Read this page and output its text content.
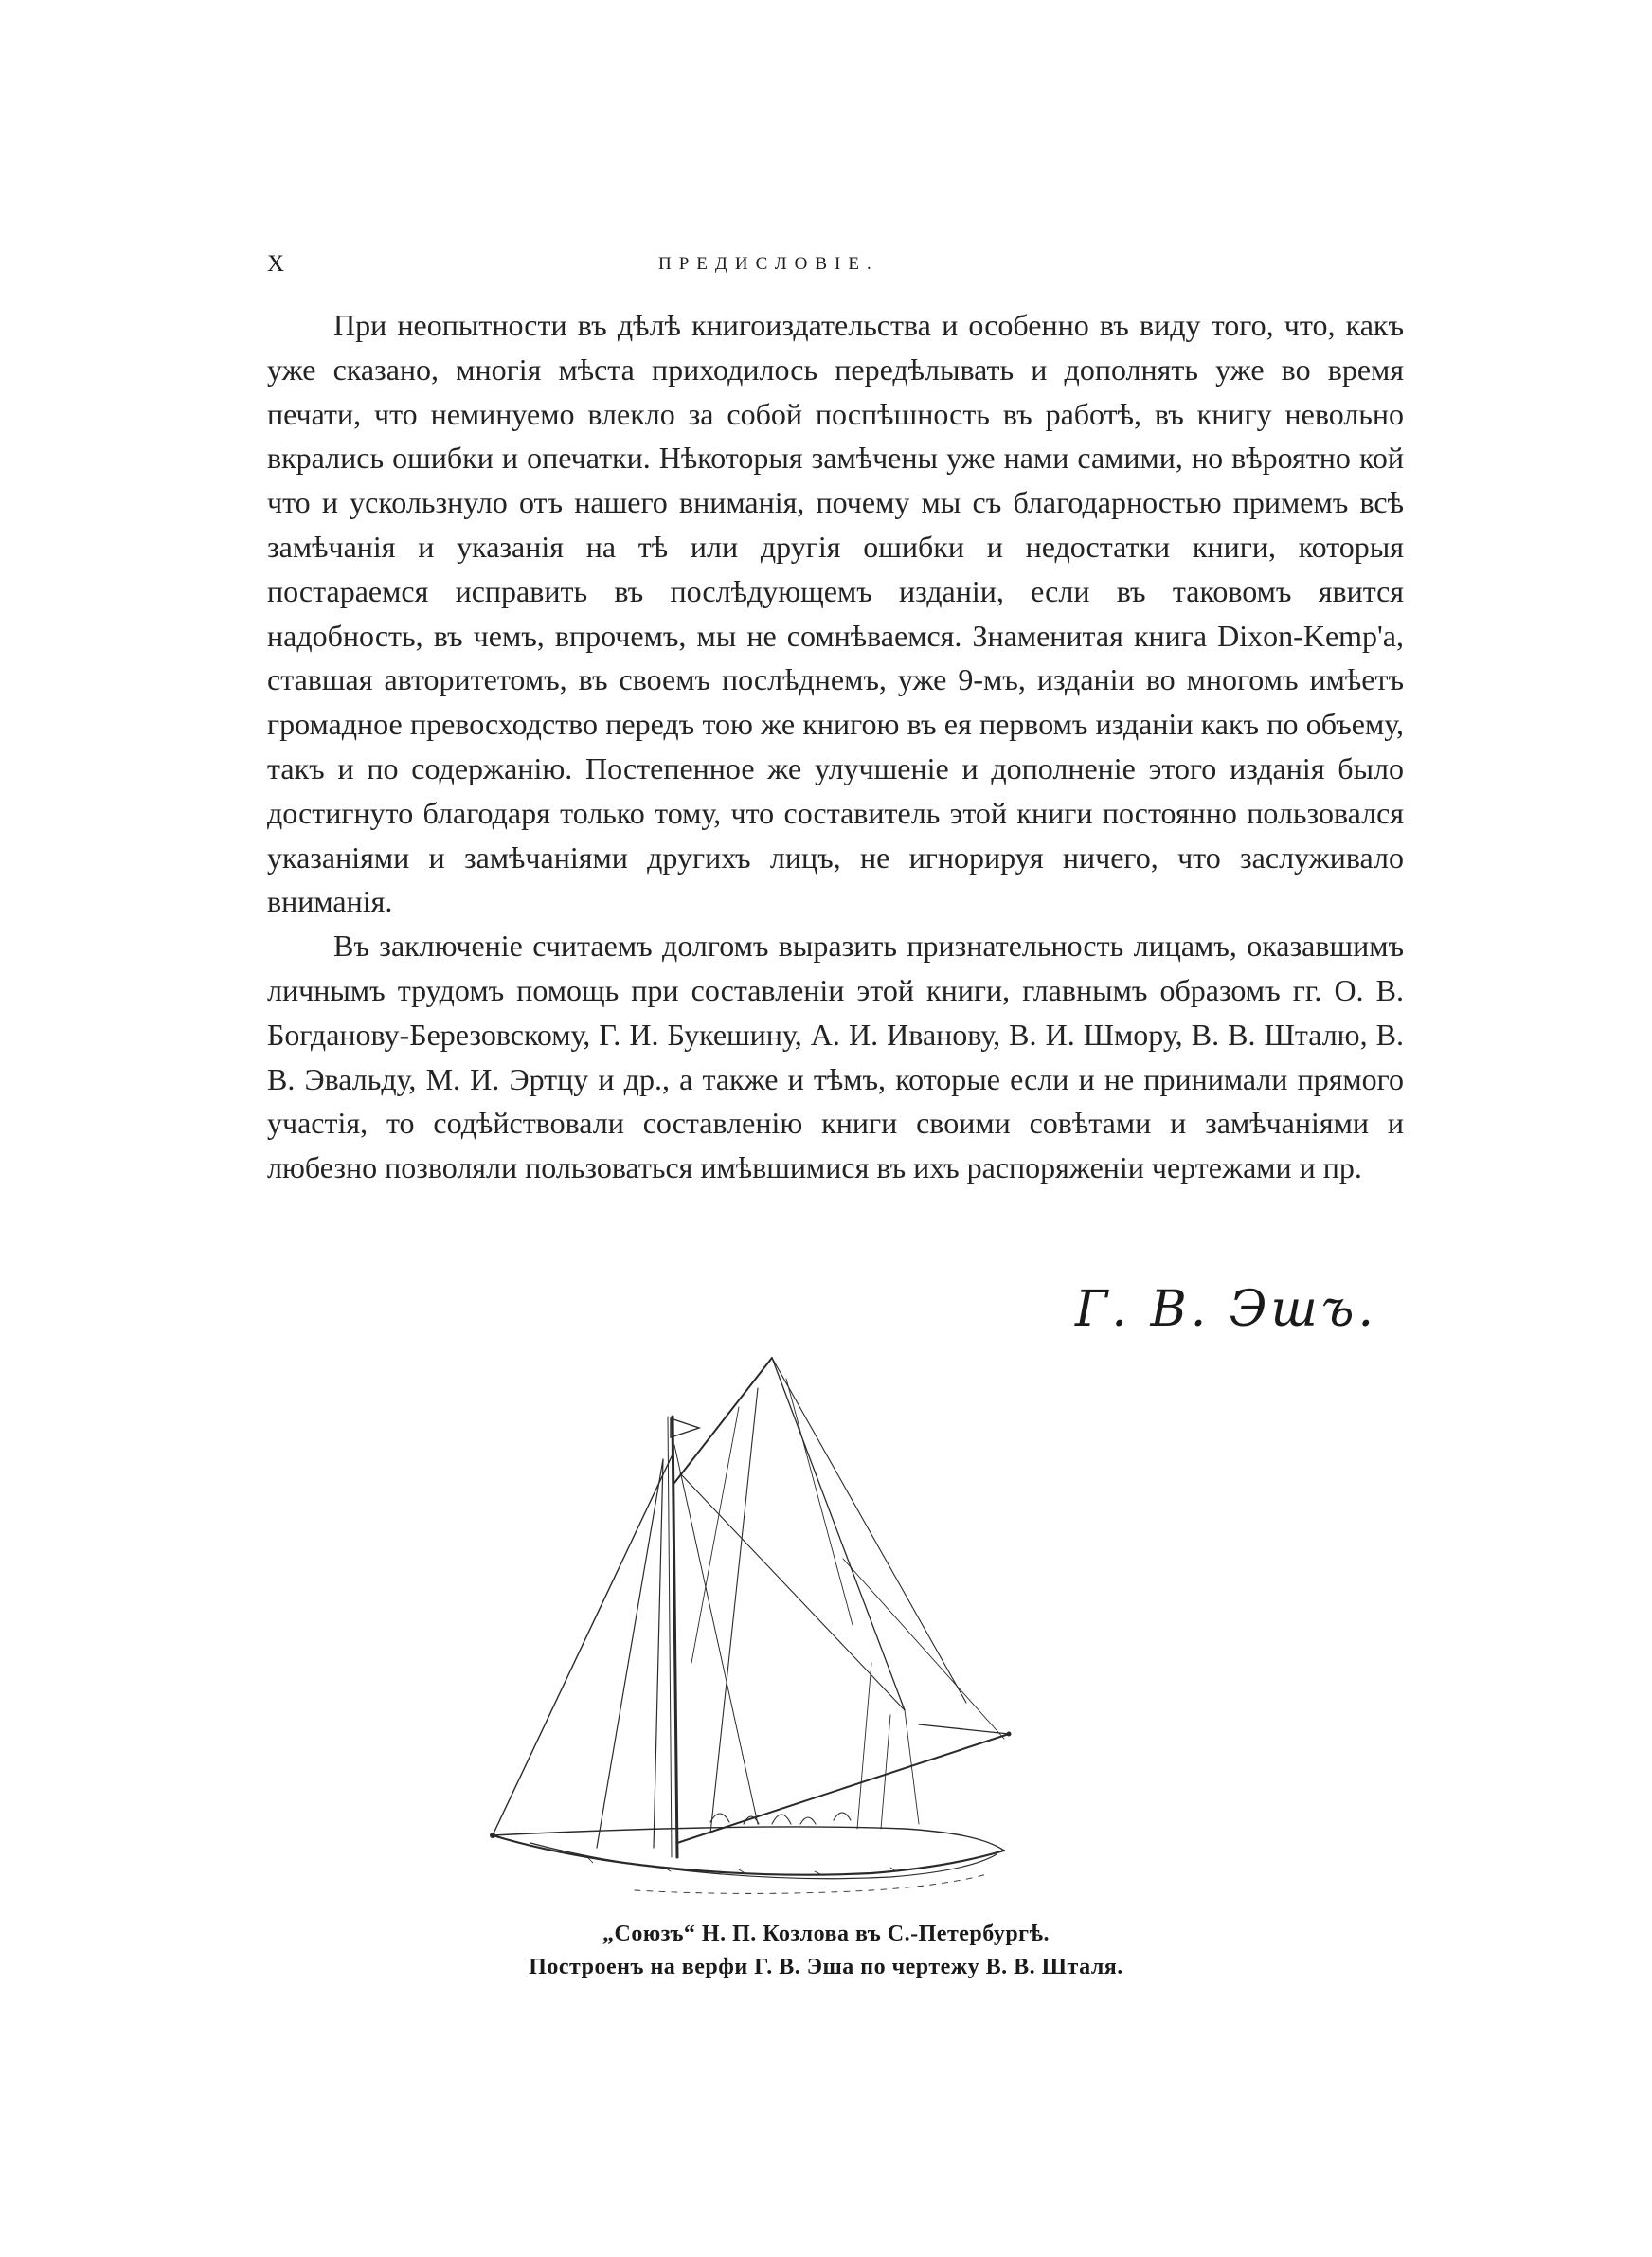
X	ПРЕДИСЛОВІЕ.

При неопытности въ дѣлѣ книгоиздательства и особенно въ виду того, что, какъ уже сказано, многія мѣста приходилось передѣлывать и дополнять уже во время печати, что неминуемо влекло за собой поспѣшность въ работѣ, въ книгу невольно вкрались ошибки и опечатки. Нѣкоторыя замѣчены уже нами самими, но вѣроятно кой что и ускользнуло отъ нашего вниманія, почему мы съ благодарностью примемъ всѣ замѣчанія и указанія на тѣ или другія ошибки и недостатки книги, которыя постараемся исправить въ послѣдующемъ изданіи, если въ таковомъ явится надобность, въ чемъ, впрочемъ, мы не сомнѣваемся. Знаменитая книга Dixon-Kemp'a, ставшая авторитетомъ, въ своемъ послѣднемъ, уже 9-мъ, изданіи во многомъ имѣетъ громадное превосходство передъ тою же книгою въ ея первомъ изданіи какъ по объему, такъ и по содержанію. Постепенное же улучшеніе и дополненіе этого изданія было достигнуто благодаря только тому, что составитель этой книги постоянно пользовался указаніями и замѣчаніями другихъ лицъ, не игнорируя ничего, что заслуживало вниманія.

Въ заключеніе считаемъ долгомъ выразить признательность лицамъ, оказавшимъ личнымъ трудомъ помощь при составленіи этой книги, главнымъ образомъ гг. О. В. Богданову-Березовскому, Г. И. Букешину, А. И. Иванову, В. И. Шмору, В. В. Шталю, В. В. Эвальду, М. И. Эртцу и др., а также и тѣмъ, которые если и не принимали прямого участія, то содѣйствовали составленію книги своими совѣтами и замѣчаніями и любезно позволяли пользоваться имѣвшимися въ ихъ распоряженіи чертежами и пр.

Г. В. Эшъ.
„Союзъ“ Н. П. Козлова въ С.-Петербургѣ.
Построенъ на верфи Г. В. Эша по чертежу В. В. Шталя.
